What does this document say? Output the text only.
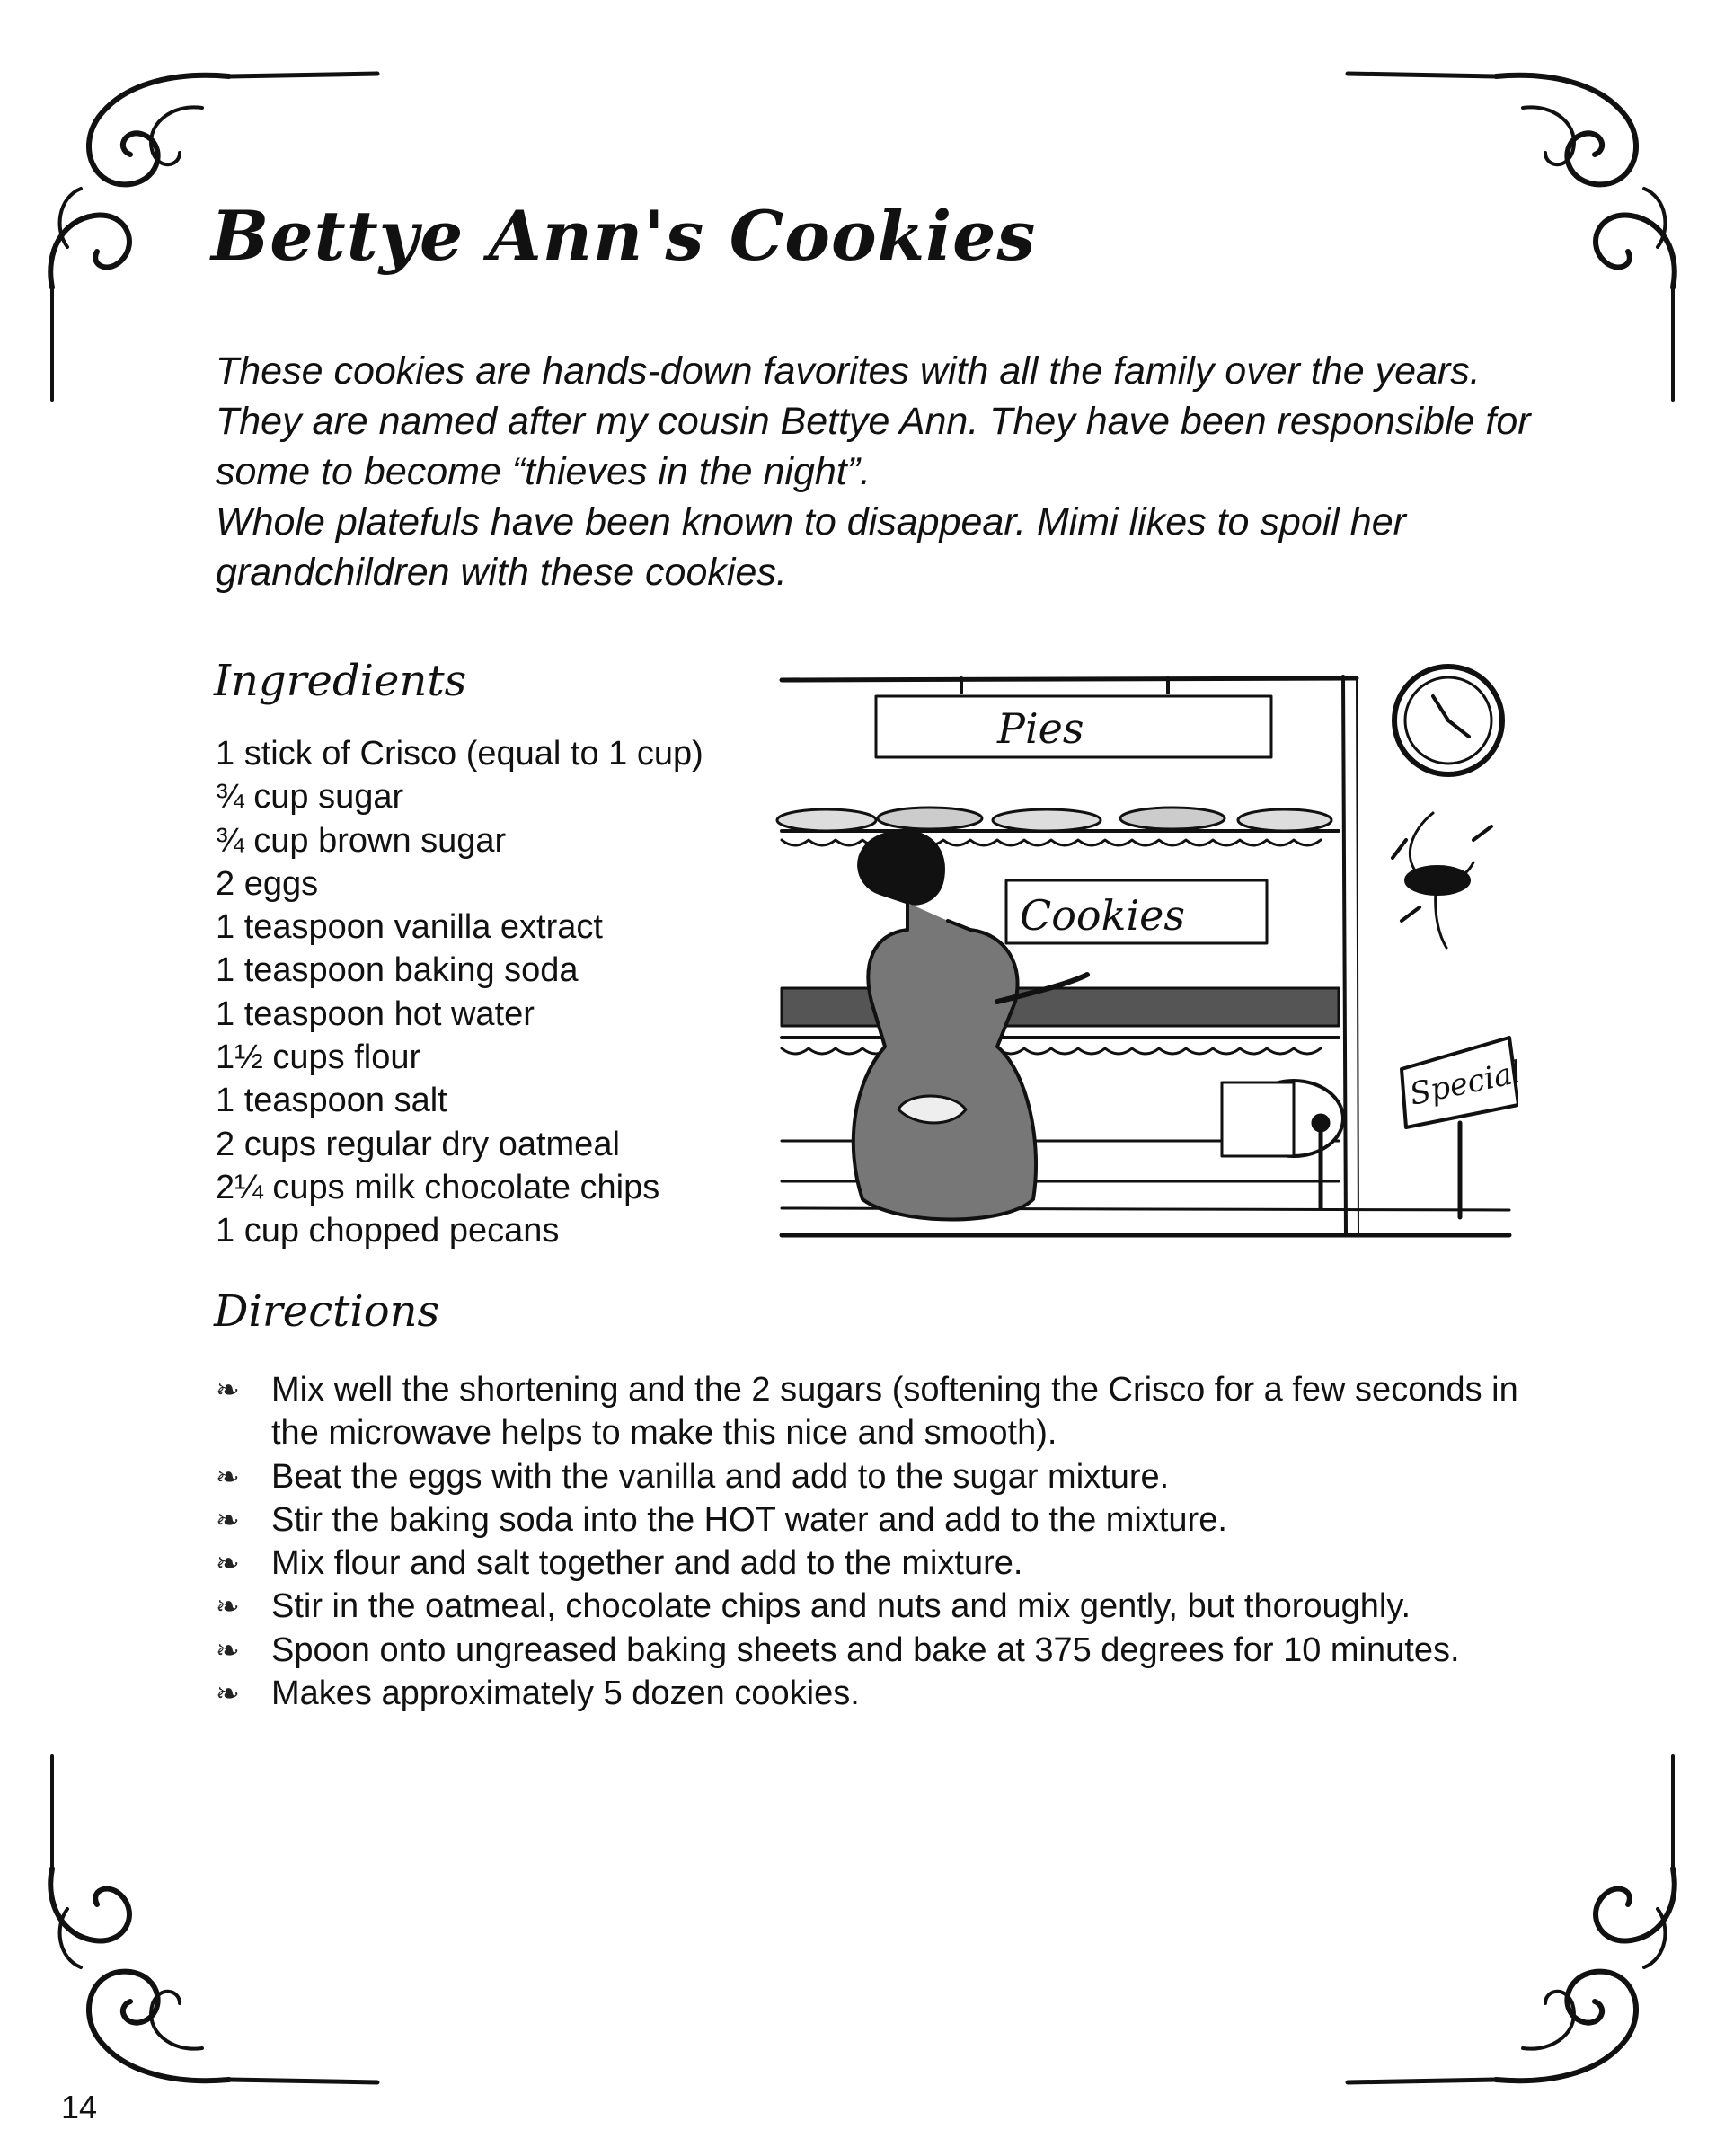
Bettye Ann's Cookies

These cookies are hands-down favorites with all the family over the years. They are named after my cousin Bettye Ann. They have been responsible for some to become “thieves in the night”.

Whole platefuls have been known to disappear. Mimi likes to spoil her grandchildren with these cookies.

Ingredients
1 stick of Crisco (equal to 1 cup)
¾ cup sugar
¾ cup brown sugar
2 eggs
1 teaspoon vanilla extract
1 teaspoon baking soda
1 teaspoon hot water
1½ cups flour
1 teaspoon salt
2 cups regular dry oatmeal
2¼ cups milk chocolate chips
1 cup chopped pecans
Pies
Cookies
Special
Directions
❧ Mix well the shortening and the 2 sugars (softening the Crisco for a few seconds in the microwave helps to make this nice and smooth).
❧ Beat the eggs with the vanilla and add to the sugar mixture.
❧ Stir the baking soda into the HOT water and add to the mixture.
❧ Mix flour and salt together and add to the mixture.
❧ Stir in the oatmeal, chocolate chips and nuts and mix gently, but thoroughly.
❧ Spoon onto ungreased baking sheets and bake at 375 degrees for 10 minutes.
❧ Makes approximately 5 dozen cookies.
14
